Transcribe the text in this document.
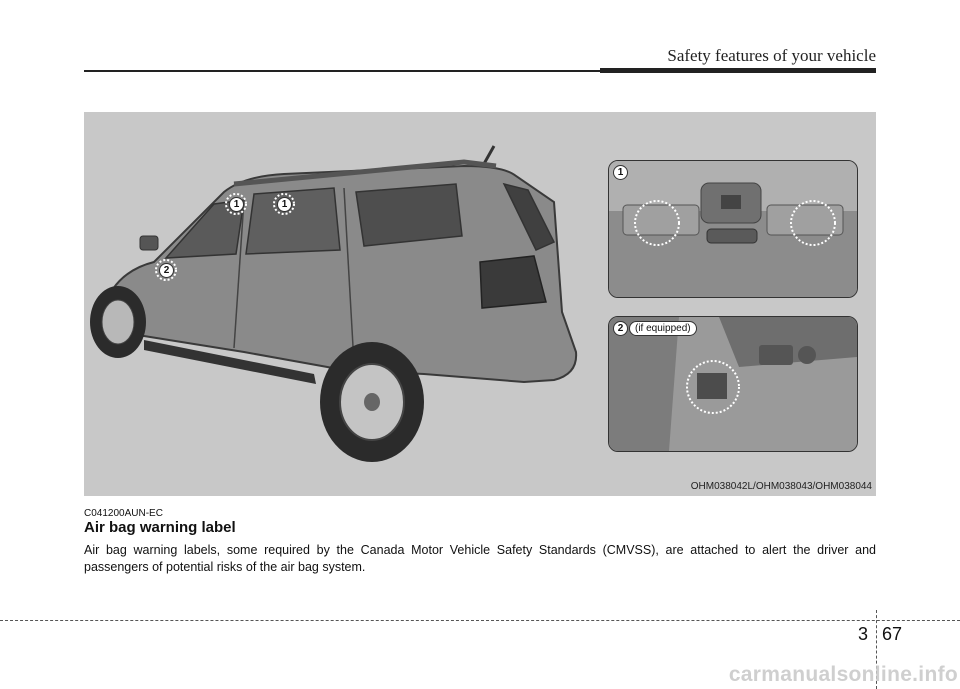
Safety features of your vehicle
1	1
2
1
2	(if equipped)
OHM038042L/OHM038043/OHM038044
C041200AUN-EC
Air bag warning label
Air bag warning labels, some required by the Canada Motor Vehicle Safety Standards (CMVSS), are attached to alert the driver and passengers of potential risks of the air bag system.
3 67
carmanualsonline.info
